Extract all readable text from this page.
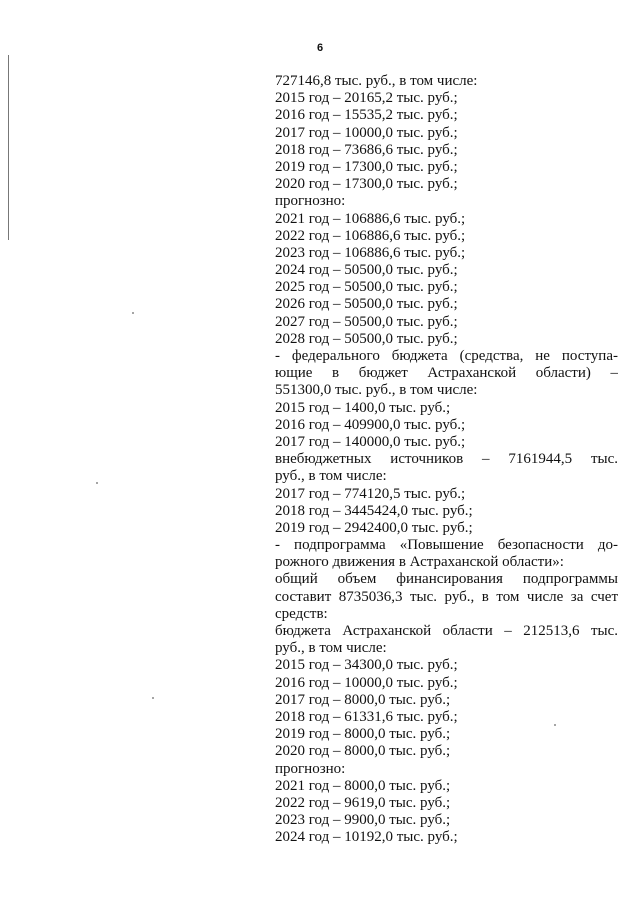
6
727146,8 тыс. руб., в том числе:
2015 год – 20165,2 тыс. руб.;
2016 год – 15535,2 тыс. руб.;
2017 год – 10000,0 тыс. руб.;
2018 год – 73686,6 тыс. руб.;
2019 год – 17300,0 тыс. руб.;
2020 год – 17300,0 тыс. руб.;
прогнозно:
2021 год – 106886,6 тыс. руб.;
2022 год – 106886,6 тыс. руб.;
2023 год – 106886,6 тыс. руб.;
2024 год – 50500,0 тыс. руб.;
2025 год – 50500,0 тыс. руб.;
2026 год – 50500,0 тыс. руб.;
2027 год – 50500,0 тыс. руб.;
2028 год – 50500,0 тыс. руб.;
- федерального бюджета (средства, не поступа-
ющие в бюджет Астраханской области) –
551300,0 тыс. руб., в том числе:
2015 год – 1400,0 тыс. руб.;
2016 год – 409900,0 тыс. руб.;
2017 год – 140000,0 тыс. руб.;
внебюджетных источников – 7161944,5 тыс.
руб., в том числе:
2017 год – 774120,5 тыс. руб.;
2018 год – 3445424,0 тыс. руб.;
2019 год – 2942400,0 тыс. руб.;
- подпрограмма «Повышение безопасности до-
рожного движения в Астраханской области»:
общий объем финансирования подпрограммы
составит 8735036,3 тыс. руб., в том числе за счет
средств:
бюджета Астраханской области – 212513,6 тыс.
руб., в том числе:
2015 год – 34300,0 тыс. руб.;
2016 год – 10000,0 тыс. руб.;
2017 год – 8000,0 тыс. руб.;
2018 год – 61331,6 тыс. руб.;
2019 год – 8000,0 тыс. руб.;
2020 год – 8000,0 тыс. руб.;
прогнозно:
2021 год – 8000,0 тыс. руб.;
2022 год – 9619,0 тыс. руб.;
2023 год – 9900,0 тыс. руб.;
2024 год – 10192,0 тыс. руб.;
